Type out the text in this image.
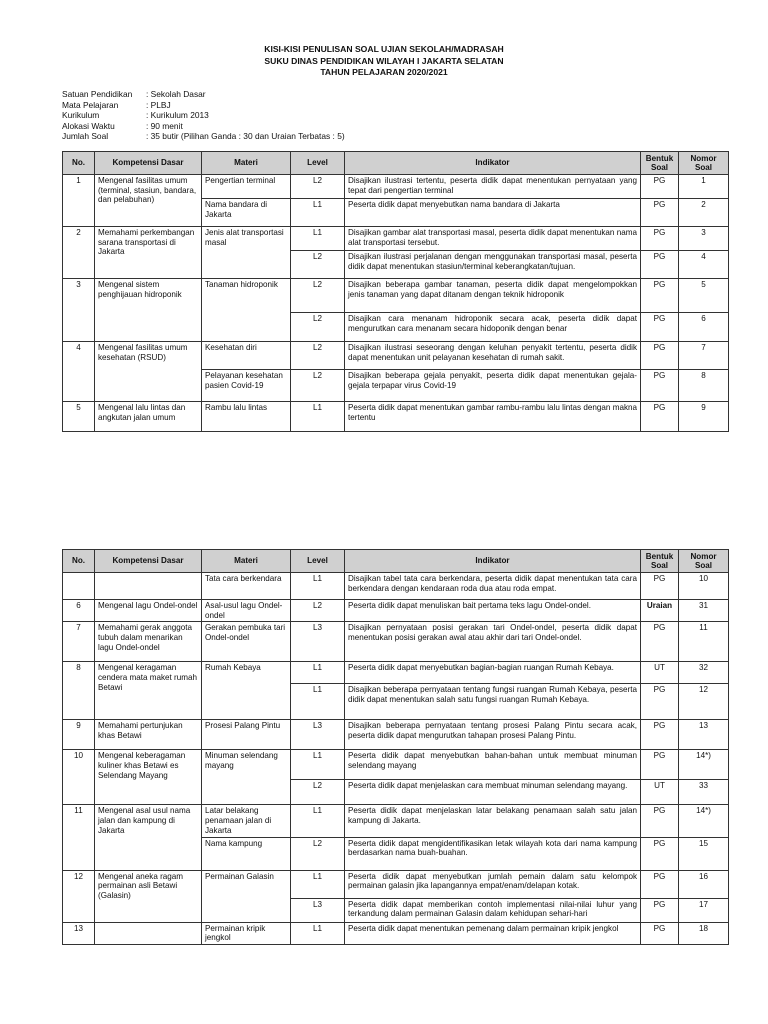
KISI-KISI PENULISAN SOAL UJIAN SEKOLAH/MADRASAH
SUKU DINAS PENDIDIKAN WILAYAH I JAKARTA SELATAN
TAHUN PELAJARAN 2020/2021
Satuan Pendidikan	: Sekolah Dasar
Mata Pelajaran	: PLBJ
Kurikulum	: Kurikulum 2013
Alokasi Waktu	: 90 menit
Jumlah Soal	: 35 butir (Pilihan Ganda : 30 dan Uraian Terbatas : 5)
No.	Kompetensi Dasar	Materi	Level	Indikator	Bentuk Soal	Nomor Soal
1	Mengenal fasilitas umum (terminal, stasiun, bandara, dan pelabuhan)	Pengertian terminal	L2	Disajikan ilustrasi tertentu, peserta didik dapat menentukan pernyataan yang tepat dari pengertian terminal	PG	1
		Nama bandara di Jakarta	L1	Peserta didik dapat menyebutkan nama bandara di Jakarta	PG	2
2	Memahami perkembangan sarana transportasi di Jakarta	Jenis alat transportasi masal	L1	Disajikan gambar alat transportasi masal, peserta didik dapat menentukan nama alat transportasi tersebut.	PG	3
			L2	Disajikan ilustrasi perjalanan dengan menggunakan transportasi masal, peserta didik dapat menentukan stasiun/terminal keberangkatan/tujuan.	PG	4
3	Mengenal sistem penghijauan hidroponik	Tanaman hidroponik	L2	Disajikan beberapa gambar tanaman, peserta didik dapat mengelompokkan jenis tanaman yang dapat ditanam dengan teknik hidroponik	PG	5
			L2	Disajikan cara menanam hidroponik secara acak, peserta didik dapat mengurutkan cara menanam secara hidoponik dengan benar	PG	6
4	Mengenal fasilitas umum kesehatan (RSUD)	Kesehatan diri	L2	Disajikan ilustrasi seseorang dengan keluhan penyakit tertentu, peserta didik dapat menentukan unit pelayanan kesehatan di rumah sakit.	PG	7
		Pelayanan kesehatan pasien Covid-19	L2	Disajikan beberapa gejala penyakit, peserta didik dapat menentukan gejala-gejala terpapar virus Covid-19	PG	8
5	Mengenal lalu lintas dan angkutan jalan umum	Rambu lalu lintas	L1	Peserta didik dapat menentukan gambar rambu-rambu lalu lintas dengan makna tertentu	PG	9
No.	Kompetensi Dasar	Materi	Level	Indikator	Bentuk Soal	Nomor Soal
		Tata cara berkendara	L1	Disajikan tabel tata cara berkendara, peserta didik dapat menentukan tata cara berkendara dengan kendaraan roda dua atau roda empat.	PG	10
6	Mengenal lagu Ondel-ondel	Asal-usul lagu Ondel-ondel	L2	Peserta didik dapat menuliskan bait pertama teks lagu Ondel-ondel.	Uraian	31
7	Memahami gerak anggota tubuh dalam menarikan lagu Ondel-ondel	Gerakan pembuka tari Ondel-ondel	L3	Disajikan pernyataan posisi gerakan tari Ondel-ondel, peserta didik dapat menentukan posisi gerakan awal atau akhir dari tari Ondel-ondel.	PG	11
8	Mengenal keragaman cendera mata maket rumah Betawi	Rumah Kebaya	L1	Peserta didik dapat menyebutkan bagian-bagian ruangan Rumah Kebaya.	UT	32
			L1	Disajikan beberapa pernyataan tentang fungsi ruangan Rumah Kebaya, peserta didik dapat menentukan salah satu fungsi ruangan Rumah Kebaya.	PG	12
9	Memahami pertunjukan khas Betawi	Prosesi Palang Pintu	L3	Disajikan beberapa pernyataan tentang prosesi Palang Pintu secara acak, peserta didik dapat mengurutkan tahapan prosesi Palang Pintu.	PG	13
10	Mengenal keberagaman kuliner khas Betawi es Selendang Mayang	Minuman selendang mayang	L1	Peserta didik dapat menyebutkan bahan-bahan untuk membuat minuman selendang mayang	PG	14*)
			L2	Peserta didik dapat menjelaskan cara membuat minuman selendang mayang.	UT	33
11	Mengenal asal usul nama jalan dan kampung di Jakarta	Latar belakang penamaan jalan di Jakarta	L1	Peserta didik dapat menjelaskan latar belakang penamaan salah satu jalan kampung di Jakarta.	PG	14*)
		Nama kampung	L2	Peserta didik dapat mengidentifikasikan letak wilayah kota dari nama kampung berdasarkan nama buah-buahan.	PG	15
12	Mengenal aneka ragam permainan asli Betawi (Galasin)	Permainan Galasin	L1	Peserta didik dapat menyebutkan jumlah pemain dalam satu kelompok permainan galasin jika lapangannya empat/enam/delapan kotak.	PG	16
			L3	Peserta didik dapat memberikan contoh implementasi nilai-nilai luhur yang terkandung dalam permainan Galasin dalam kehidupan sehari-hari	PG	17
13		Permainan kripik jengkol	L1	Peserta didik dapat menentukan pemenang dalam permainan kripik jengkol	PG	18
